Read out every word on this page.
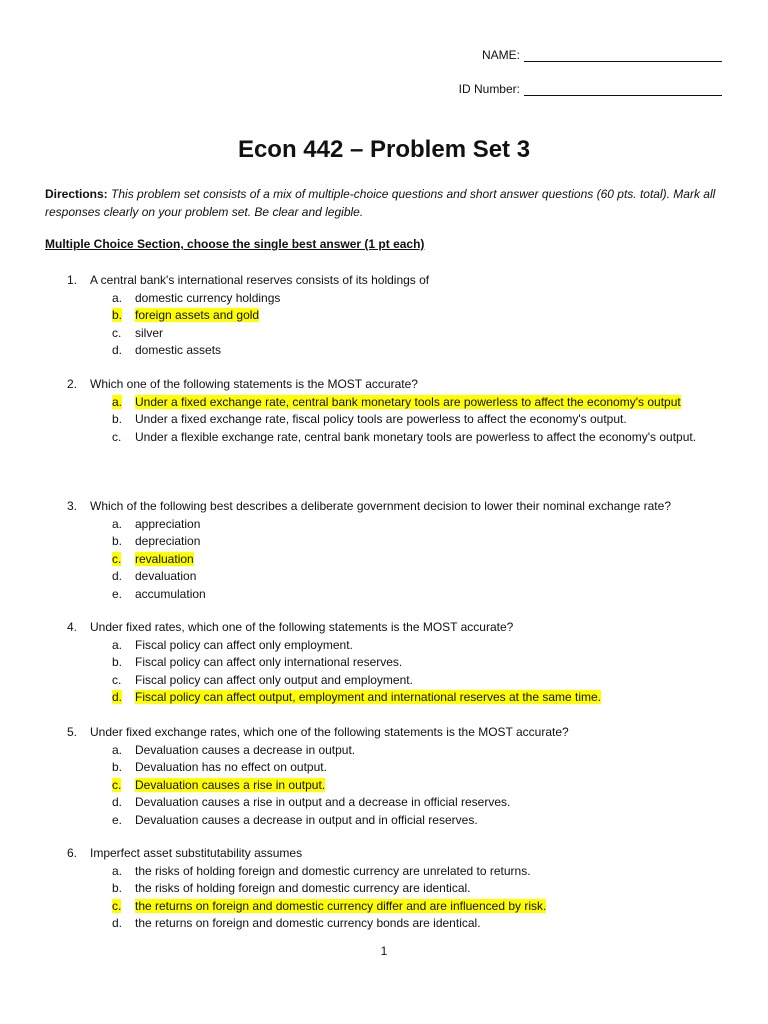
NAME:
ID Number:
Econ 442 – Problem Set 3
Directions: This problem set consists of a mix of multiple-choice questions and short answer questions (60 pts. total). Mark all responses clearly on your problem set. Be clear and legible.
Multiple Choice Section, choose the single best answer (1 pt each)
1.	A central bank's international reserves consists of its holdings of
a.	domestic currency holdings
b.	foreign assets and gold
c.	silver
d.	domestic assets
2.	Which one of the following statements is the MOST accurate?
a.	Under a fixed exchange rate, central bank monetary tools are powerless to affect the economy's output
b.	Under a fixed exchange rate, fiscal policy tools are powerless to affect the economy's output.
c.	Under a flexible exchange rate, central bank monetary tools are powerless to affect the economy's output.
3.	Which of the following best describes a deliberate government decision to lower their nominal exchange rate?
a.	appreciation
b.	depreciation
c.	revaluation
d.	devaluation
e.	accumulation
4.	Under fixed rates, which one of the following statements is the MOST accurate?
a.	Fiscal policy can affect only employment.
b.	Fiscal policy can affect only international reserves.
c.	Fiscal policy can affect only output and employment.
d.	Fiscal policy can affect output, employment and international reserves at the same time.
5.	Under fixed exchange rates, which one of the following statements is the MOST accurate?
a.	Devaluation causes a decrease in output.
b.	Devaluation has no effect on output.
c.	Devaluation causes a rise in output.
d.	Devaluation causes a rise in output and a decrease in official reserves.
e.	Devaluation causes a decrease in output and in official reserves.
6.	Imperfect asset substitutability assumes
a.	the risks of holding foreign and domestic currency are unrelated to returns.
b.	the risks of holding foreign and domestic currency are identical.
c.	the returns on foreign and domestic currency differ and are influenced by risk.
d.	the returns on foreign and domestic currency bonds are identical.
1
